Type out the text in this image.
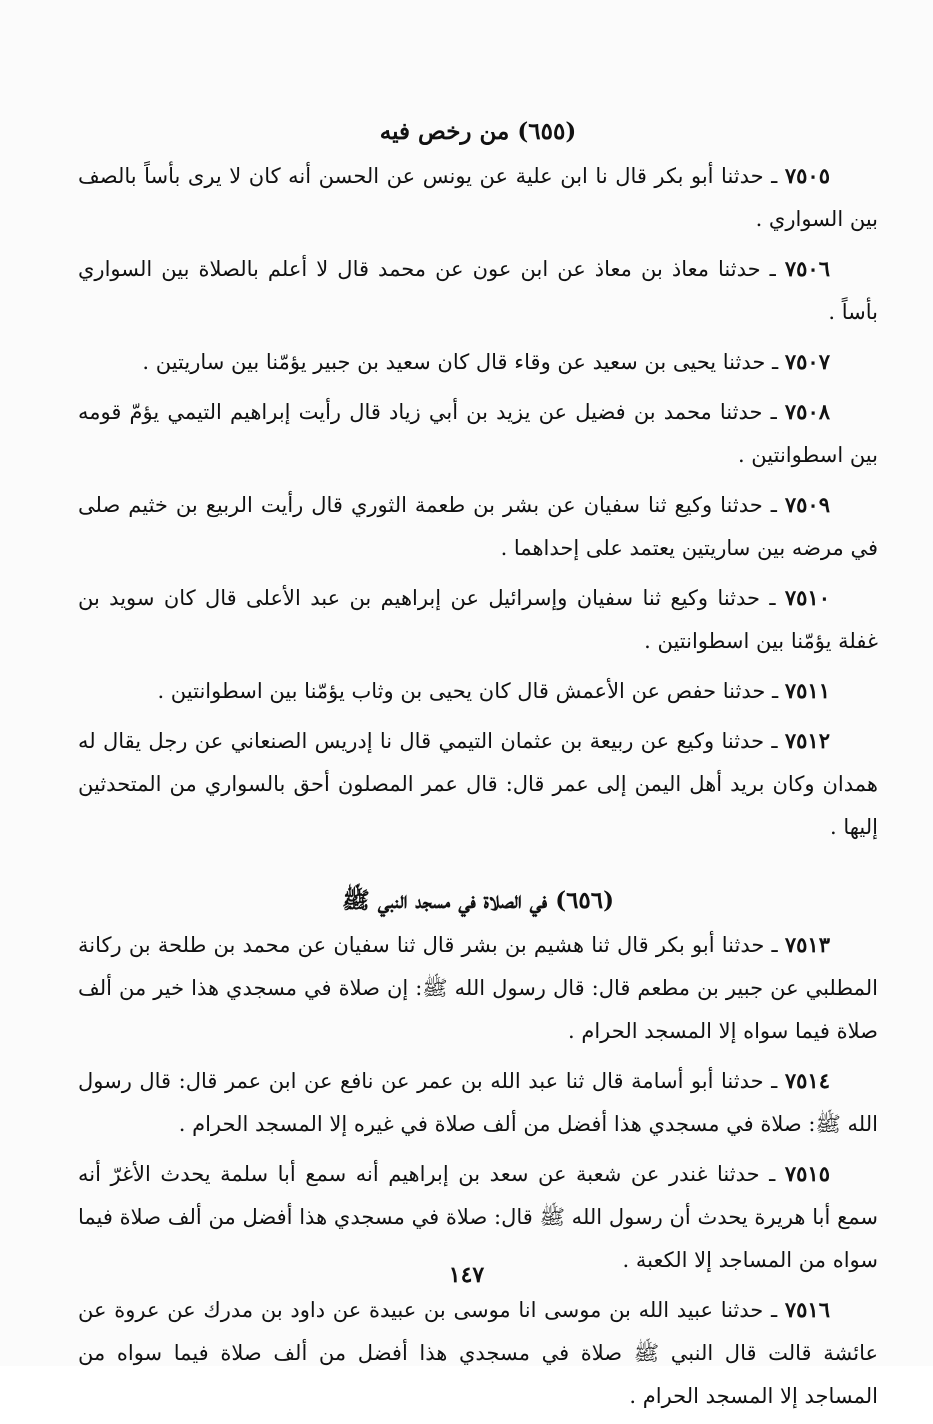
(٦٥٥) من رخص فيه

٧٥٠٥ ـ حدثنا أبو بكر قال نا ابن علية عن يونس عن الحسن أنه كان لا يرى بأساً بالصف بين السواري .

٧٥٠٦ ـ حدثنا معاذ بن معاذ عن ابن عون عن محمد قال لا أعلم بالصلاة بين السواري بأساً .

٧٥٠٧ ـ حدثنا يحيى بن سعيد عن وقاء قال كان سعيد بن جبير يؤمّنا بين ساريتين .

٧٥٠٨ ـ حدثنا محمد بن فضيل عن يزيد بن أبي زياد قال رأيت إبراهيم التيمي يؤمّ قومه بين اسطوانتين .

٧٥٠٩ ـ حدثنا وكيع ثنا سفيان عن بشر بن طعمة الثوري قال رأيت الربيع بن خثيم صلى في مرضه بين ساريتين يعتمد على إحداهما .

٧٥١٠ ـ حدثنا وكيع ثنا سفيان وإسرائيل عن إبراهيم بن عبد الأعلى قال كان سويد بن غفلة يؤمّنا بين اسطوانتين .

٧٥١١ ـ حدثنا حفص عن الأعمش قال كان يحيى بن وثاب يؤمّنا بين اسطوانتين .

٧٥١٢ ـ حدثنا وكيع عن ربيعة بن عثمان التيمي قال نا إدريس الصنعاني عن رجل يقال له همدان وكان بريد أهل اليمن إلى عمر قال: قال عمر المصلون أحق بالسواري من المتحدثين إليها .

(٦٥٦) في الصلاة في مسجد النبي ﷺ

٧٥١٣ ـ حدثنا أبو بكر قال ثنا هشيم بن بشر قال ثنا سفيان عن محمد بن طلحة بن ركانة المطلبي عن جبير بن مطعم قال: قال رسول الله ﷺ: إن صلاة في مسجدي هذا خير من ألف صلاة فيما سواه إلا المسجد الحرام .

٧٥١٤ ـ حدثنا أبو أسامة قال ثنا عبد الله بن عمر عن نافع عن ابن عمر قال: قال رسول الله ﷺ: صلاة في مسجدي هذا أفضل من ألف صلاة في غيره إلا المسجد الحرام .

٧٥١٥ ـ حدثنا غندر عن شعبة عن سعد بن إبراهيم أنه سمع أبا سلمة يحدث الأغرّ أنه سمع أبا هريرة يحدث أن رسول الله ﷺ قال: صلاة في مسجدي هذا أفضل من ألف صلاة فيما سواه من المساجد إلا الكعبة .

٧٥١٦ ـ حدثنا عبيد الله بن موسى انا موسى بن عبيدة عن داود بن مدرك عن عروة عن عائشة قالت قال النبي ﷺ صلاة في مسجدي هذا أفضل من ألف صلاة فيما سواه من المساجد إلا المسجد الحرام .

١٤٧
